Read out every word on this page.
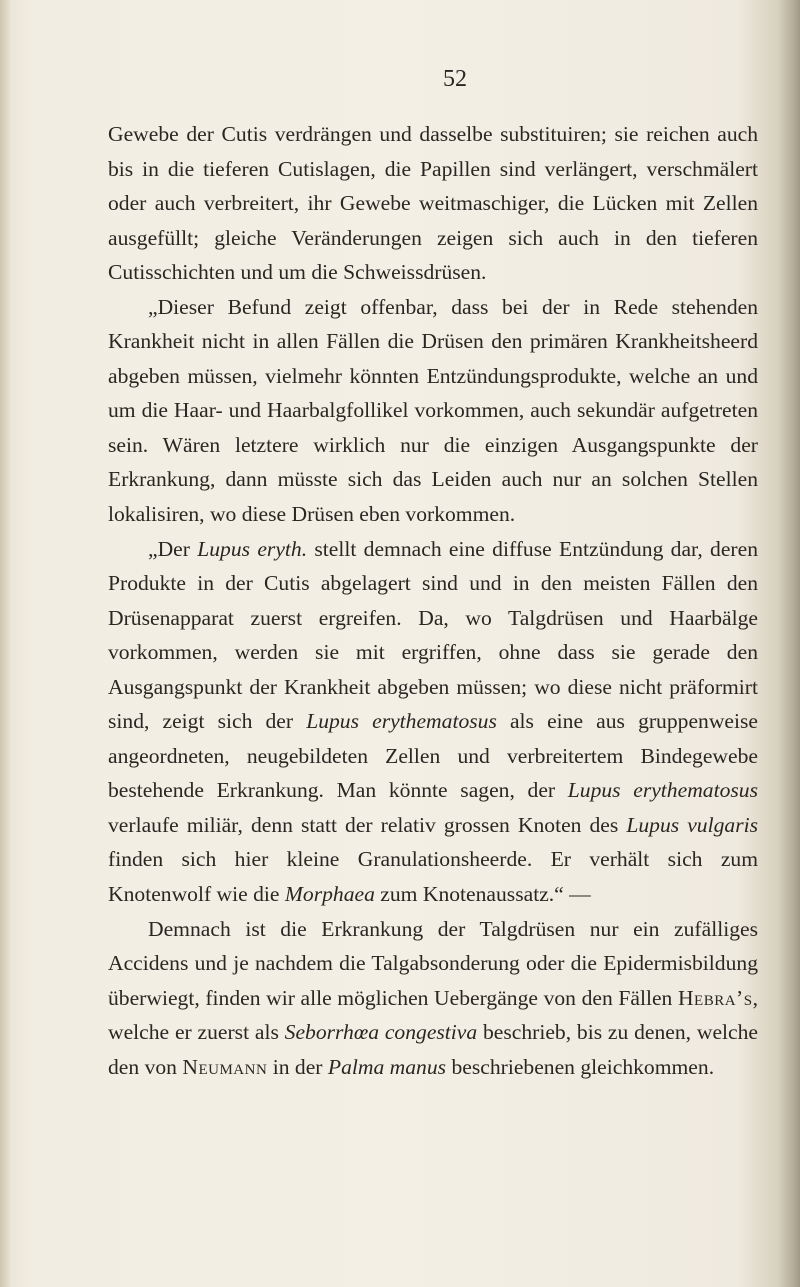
52

Gewebe der Cutis verdrängen und dasselbe substituiren; sie reichen auch bis in die tieferen Cutislagen, die Papillen sind verlängert, verschmälert oder auch verbreitert, ihr Gewebe weitmaschiger, die Lücken mit Zellen ausgefüllt; gleiche Veränderungen zeigen sich auch in den tieferen Cutisschichten und um die Schweissdrüsen.

„Dieser Befund zeigt offenbar, dass bei der in Rede stehenden Krankheit nicht in allen Fällen die Drüsen den primären Krankheitsheerd abgeben müssen, vielmehr könnten Entzündungsprodukte, welche an und um die Haar- und Haarbalgfollikel vorkommen, auch sekundär aufgetreten sein. Wären letztere wirklich nur die einzigen Ausgangspunkte der Erkrankung, dann müsste sich das Leiden auch nur an solchen Stellen lokalisiren, wo diese Drüsen eben vorkommen.

„Der Lupus eryth. stellt demnach eine diffuse Entzündung dar, deren Produkte in der Cutis abgelagert sind und in den meisten Fällen den Drüsenapparat zuerst ergreifen. Da, wo Talgdrüsen und Haarbälge vorkommen, werden sie mit ergriffen, ohne dass sie gerade den Ausgangspunkt der Krankheit abgeben müssen; wo diese nicht präformirt sind, zeigt sich der Lupus erythematosus als eine aus gruppenweise angeordneten, neugebildeten Zellen und verbreitertem Bindegewebe bestehende Erkrankung. Man könnte sagen, der Lupus erythematosus verlaufe miliär, denn statt der relativ grossen Knoten des Lupus vulgaris finden sich hier kleine Granulationsheerde. Er verhält sich zum Knotenwolf wie die Morphaea zum Knotenaussatz.“ —

Demnach ist die Erkrankung der Talgdrüsen nur ein zufälliges Accidens und je nachdem die Talgabsonderung oder die Epidermisbildung überwiegt, finden wir alle möglichen Uebergänge von den Fällen Hebra’s, welche er zuerst als Seborrhœa congestiva beschrieb, bis zu denen, welche den von Neumann in der Palma manus beschriebenen gleichkommen.
